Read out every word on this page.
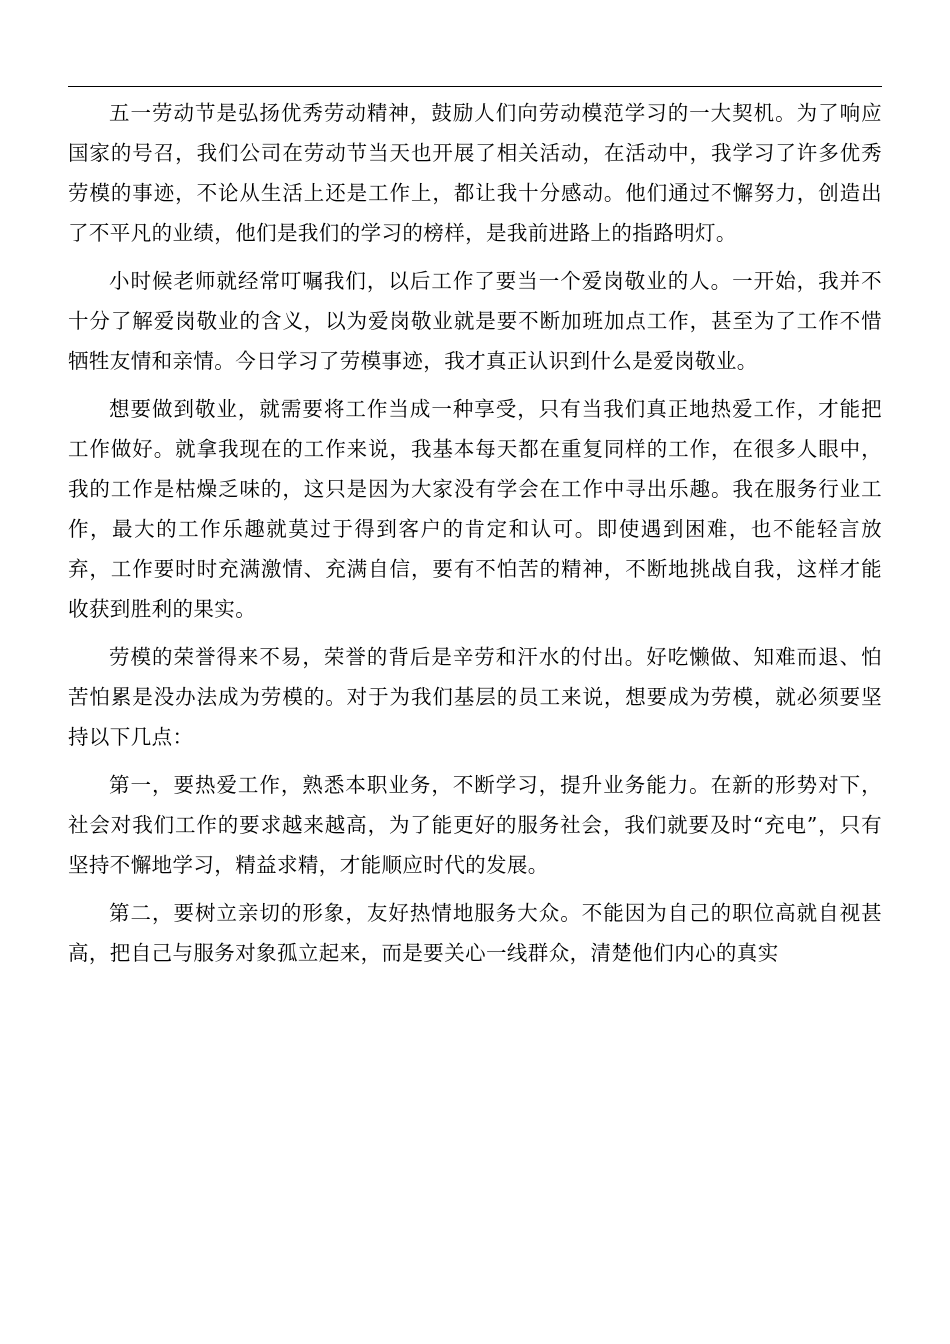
五一劳动节是弘扬优秀劳动精神，鼓励人们向劳动模范学习的一大契机。为了响应国家的号召，我们公司在劳动节当天也开展了相关活动，在活动中，我学习了许多优秀劳模的事迹，不论从生活上还是工作上，都让我十分感动。他们通过不懈努力，创造出了不平凡的业绩，他们是我们的学习的榜样，是我前进路上的指路明灯。

小时候老师就经常叮嘱我们，以后工作了要当一个爱岗敬业的人。一开始，我并不十分了解爱岗敬业的含义，以为爱岗敬业就是要不断加班加点工作，甚至为了工作不惜牺牲友情和亲情。今日学习了劳模事迹，我才真正认识到什么是爱岗敬业。

想要做到敬业，就需要将工作当成一种享受，只有当我们真正地热爱工作，才能把工作做好。就拿我现在的工作来说，我基本每天都在重复同样的工作，在很多人眼中，我的工作是枯燥乏味的，这只是因为大家没有学会在工作中寻出乐趣。我在服务行业工作，最大的工作乐趣就莫过于得到客户的肯定和认可。即使遇到困难，也不能轻言放弃，工作要时时充满激情、充满自信，要有不怕苦的精神，不断地挑战自我，这样才能收获到胜利的果实。

劳模的荣誉得来不易，荣誉的背后是辛劳和汗水的付出。好吃懒做、知难而退、怕苦怕累是没办法成为劳模的。对于为我们基层的员工来说，想要成为劳模，就必须要坚持以下几点：

第一，要热爱工作，熟悉本职业务，不断学习，提升业务能力。在新的形势对下，社会对我们工作的要求越来越高，为了能更好的服务社会，我们就要及时“充电”，只有坚持不懈地学习，精益求精，才能顺应时代的发展。

第二，要树立亲切的形象，友好热情地服务大众。不能因为自己的职位高就自视甚高，把自己与服务对象孤立起来，而是要关心一线群众，清楚他们内心的真实
